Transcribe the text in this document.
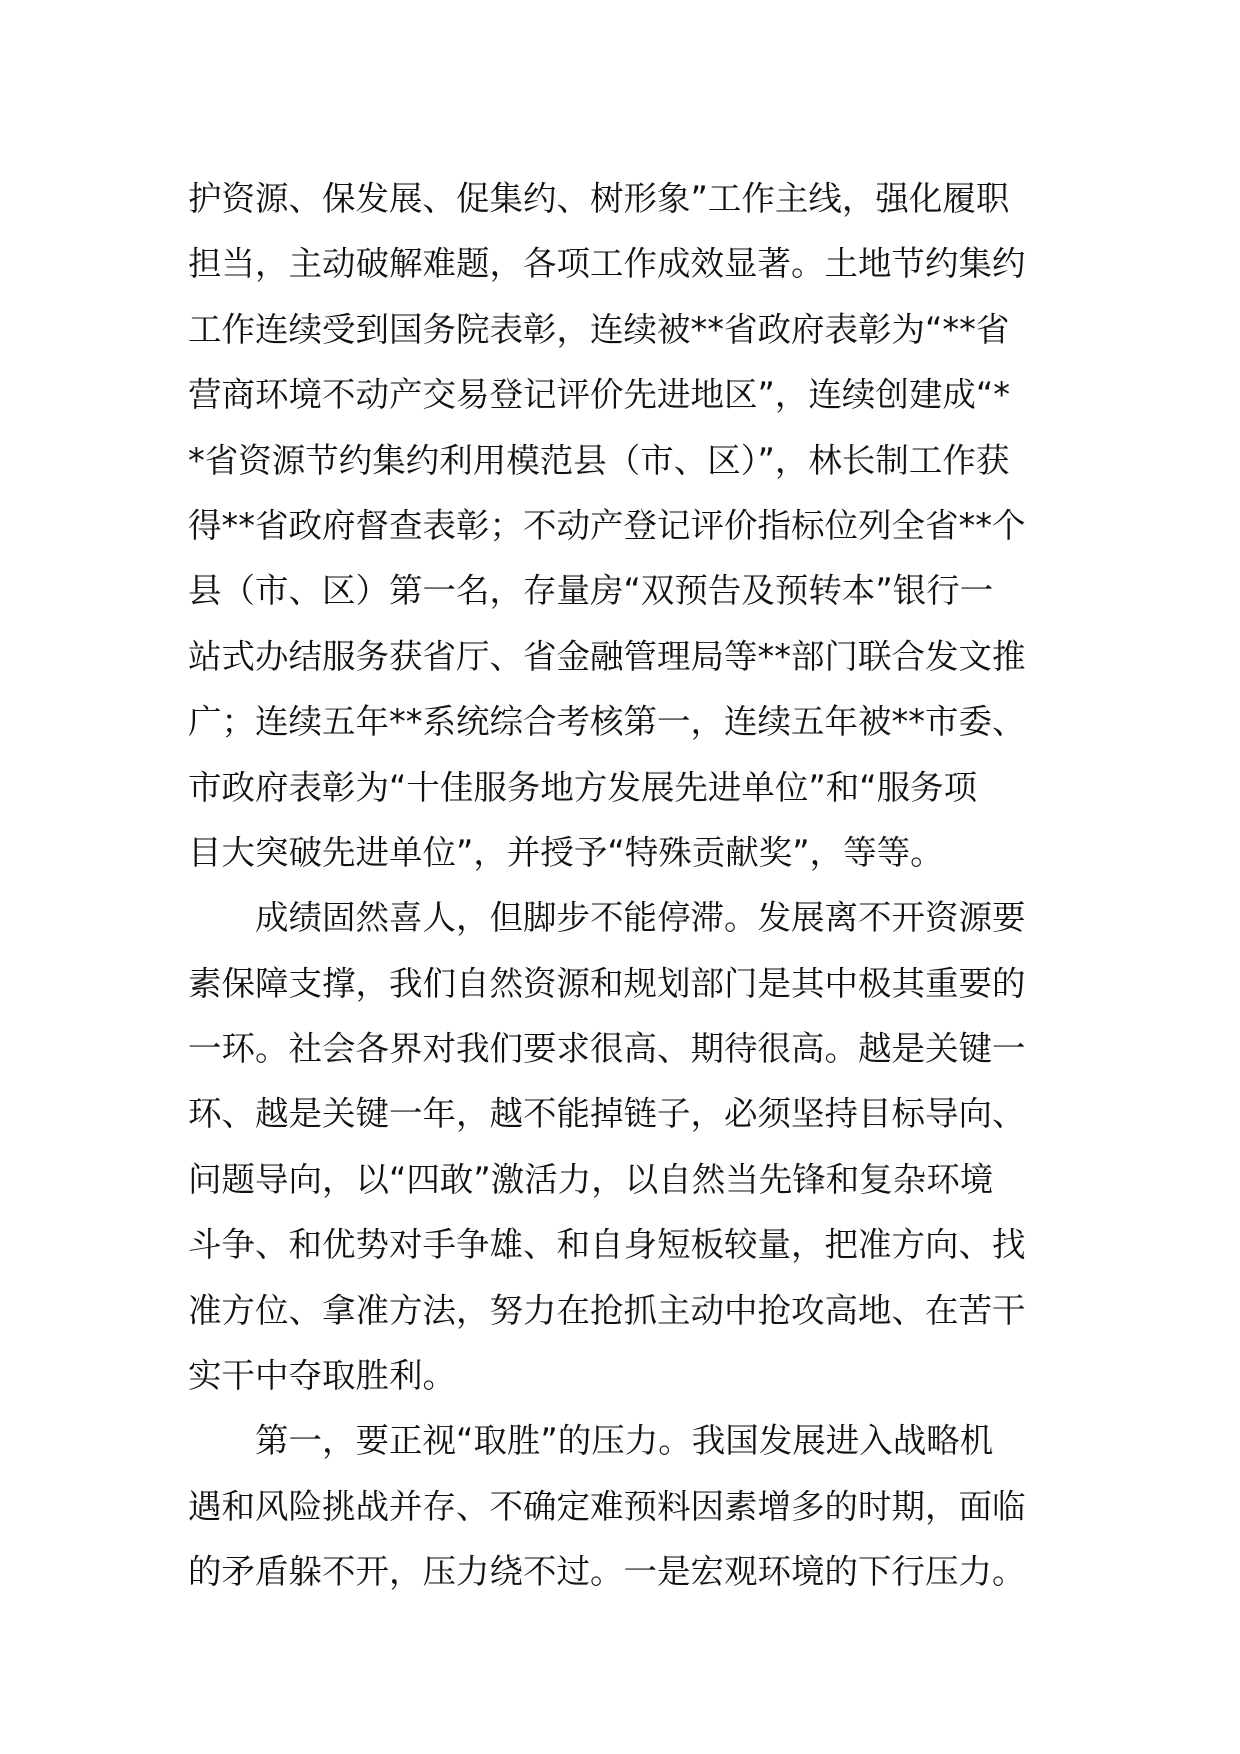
护资源、保发展、促集约、树形象”工作主线，强化履职
担当，主动破解难题，各项工作成效显著。土地节约集约
工作连续受到国务院表彰，连续被**省政府表彰为“**省
营商环境不动产交易登记评价先进地区”，连续创建成“*
*省资源节约集约利用模范县（市、区）”，林长制工作获
得**省政府督查表彰；不动产登记评价指标位列全省**个
县（市、区）第一名，存量房“双预告及预转本”银行一
站式办结服务获省厅、省金融管理局等**部门联合发文推
广；连续五年**系统综合考核第一，连续五年被**市委、
市政府表彰为“十佳服务地方发展先进单位”和“服务项
目大突破先进单位”，并授予“特殊贡献奖”，等等。
　　成绩固然喜人，但脚步不能停滞。发展离不开资源要
素保障支撑，我们自然资源和规划部门是其中极其重要的
一环。社会各界对我们要求很高、期待很高。越是关键一
环、越是关键一年，越不能掉链子，必须坚持目标导向、
问题导向，以“四敢”激活力，以自然当先锋和复杂环境
斗争、和优势对手争雄、和自身短板较量，把准方向、找
准方位、拿准方法，努力在抢抓主动中抢攻高地、在苦干
实干中夺取胜利。
　　第一，要正视“取胜”的压力。我国发展进入战略机
遇和风险挑战并存、不确定难预料因素增多的时期，面临
的矛盾躲不开，压力绕不过。一是宏观环境的下行压力。
